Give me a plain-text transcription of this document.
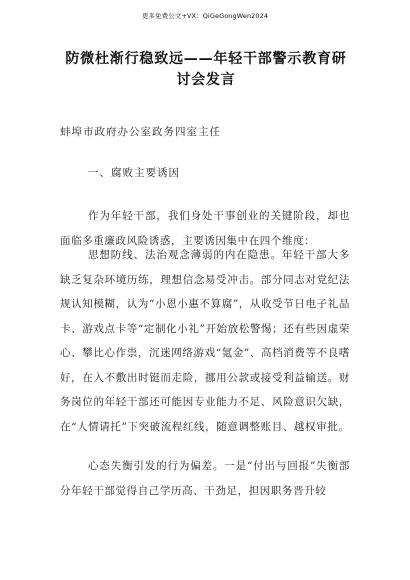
更多免费公文+VX：QiGeGongWen2024
防微杜渐行稳致远——年轻干部警示教育研讨会发言
蚌埠市政府办公室政务四室主任
一、腐败主要诱因

作为年轻干部，我们身处干事创业的关键阶段，却也面临多重廉政风险诱惑，主要诱因集中在四个维度：

思想防线、法治观念薄弱的内在隐患。年轻干部大多缺乏复杂环境历练，理想信念易受冲击。部分同志对党纪法规认知模糊，认为“小恩小惠不算腐”，从收受节日电子礼品卡、游戏点卡等“定制化小礼”开始放松警惕；还有些因虚荣心、攀比心作祟，沉迷网络游戏“氪金”、高档消费等不良嗜好，在入不敷出时铤而走险，挪用公款或接受利益输送。财务岗位的年轻干部还可能因专业能力不足、风险意识欠缺，在“人情请托”下突破流程红线，随意调整账目、越权审批。

心态失衡引发的行为偏差。一是“付出与回报”失衡部分年轻干部觉得自己学历高、干劲足，担因职务晋升较
